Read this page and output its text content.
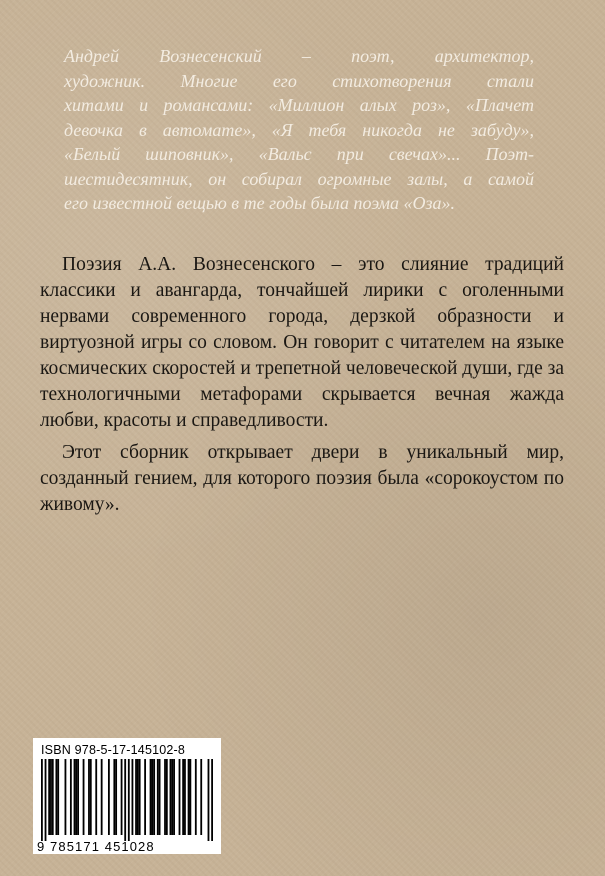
Андрей Вознесенский – поэт, архитектор,

художник. Многие его стихотворения стали

хитами и романсами: «Миллион алых роз», «Плачет

девочка в автомате», «Я тебя никогда не забуду»,

«Белый шиповник», «Вальс при свечах»... Поэт-

шестидесятник, он собирал огромные залы, а самой

его известной вещью в те годы была поэма «Оза».

Поэзия А.А. Вознесенского – это слияние традиций классики и авангарда, тончайшей лирики с оголенными нервами современного города, дерзкой образности и виртуозной игры со словом. Он говорит с читателем на языке космических скоростей и трепетной человеческой души, где за технологичными метафорами скрывается вечная жажда любви, красоты и справедливости.

Этот сборник открывает двери в уникальный мир, созданный гением, для которого поэзия была «сорокоустом по живому».

ISBN 978-5-17-145102-8
9 785171 451028
